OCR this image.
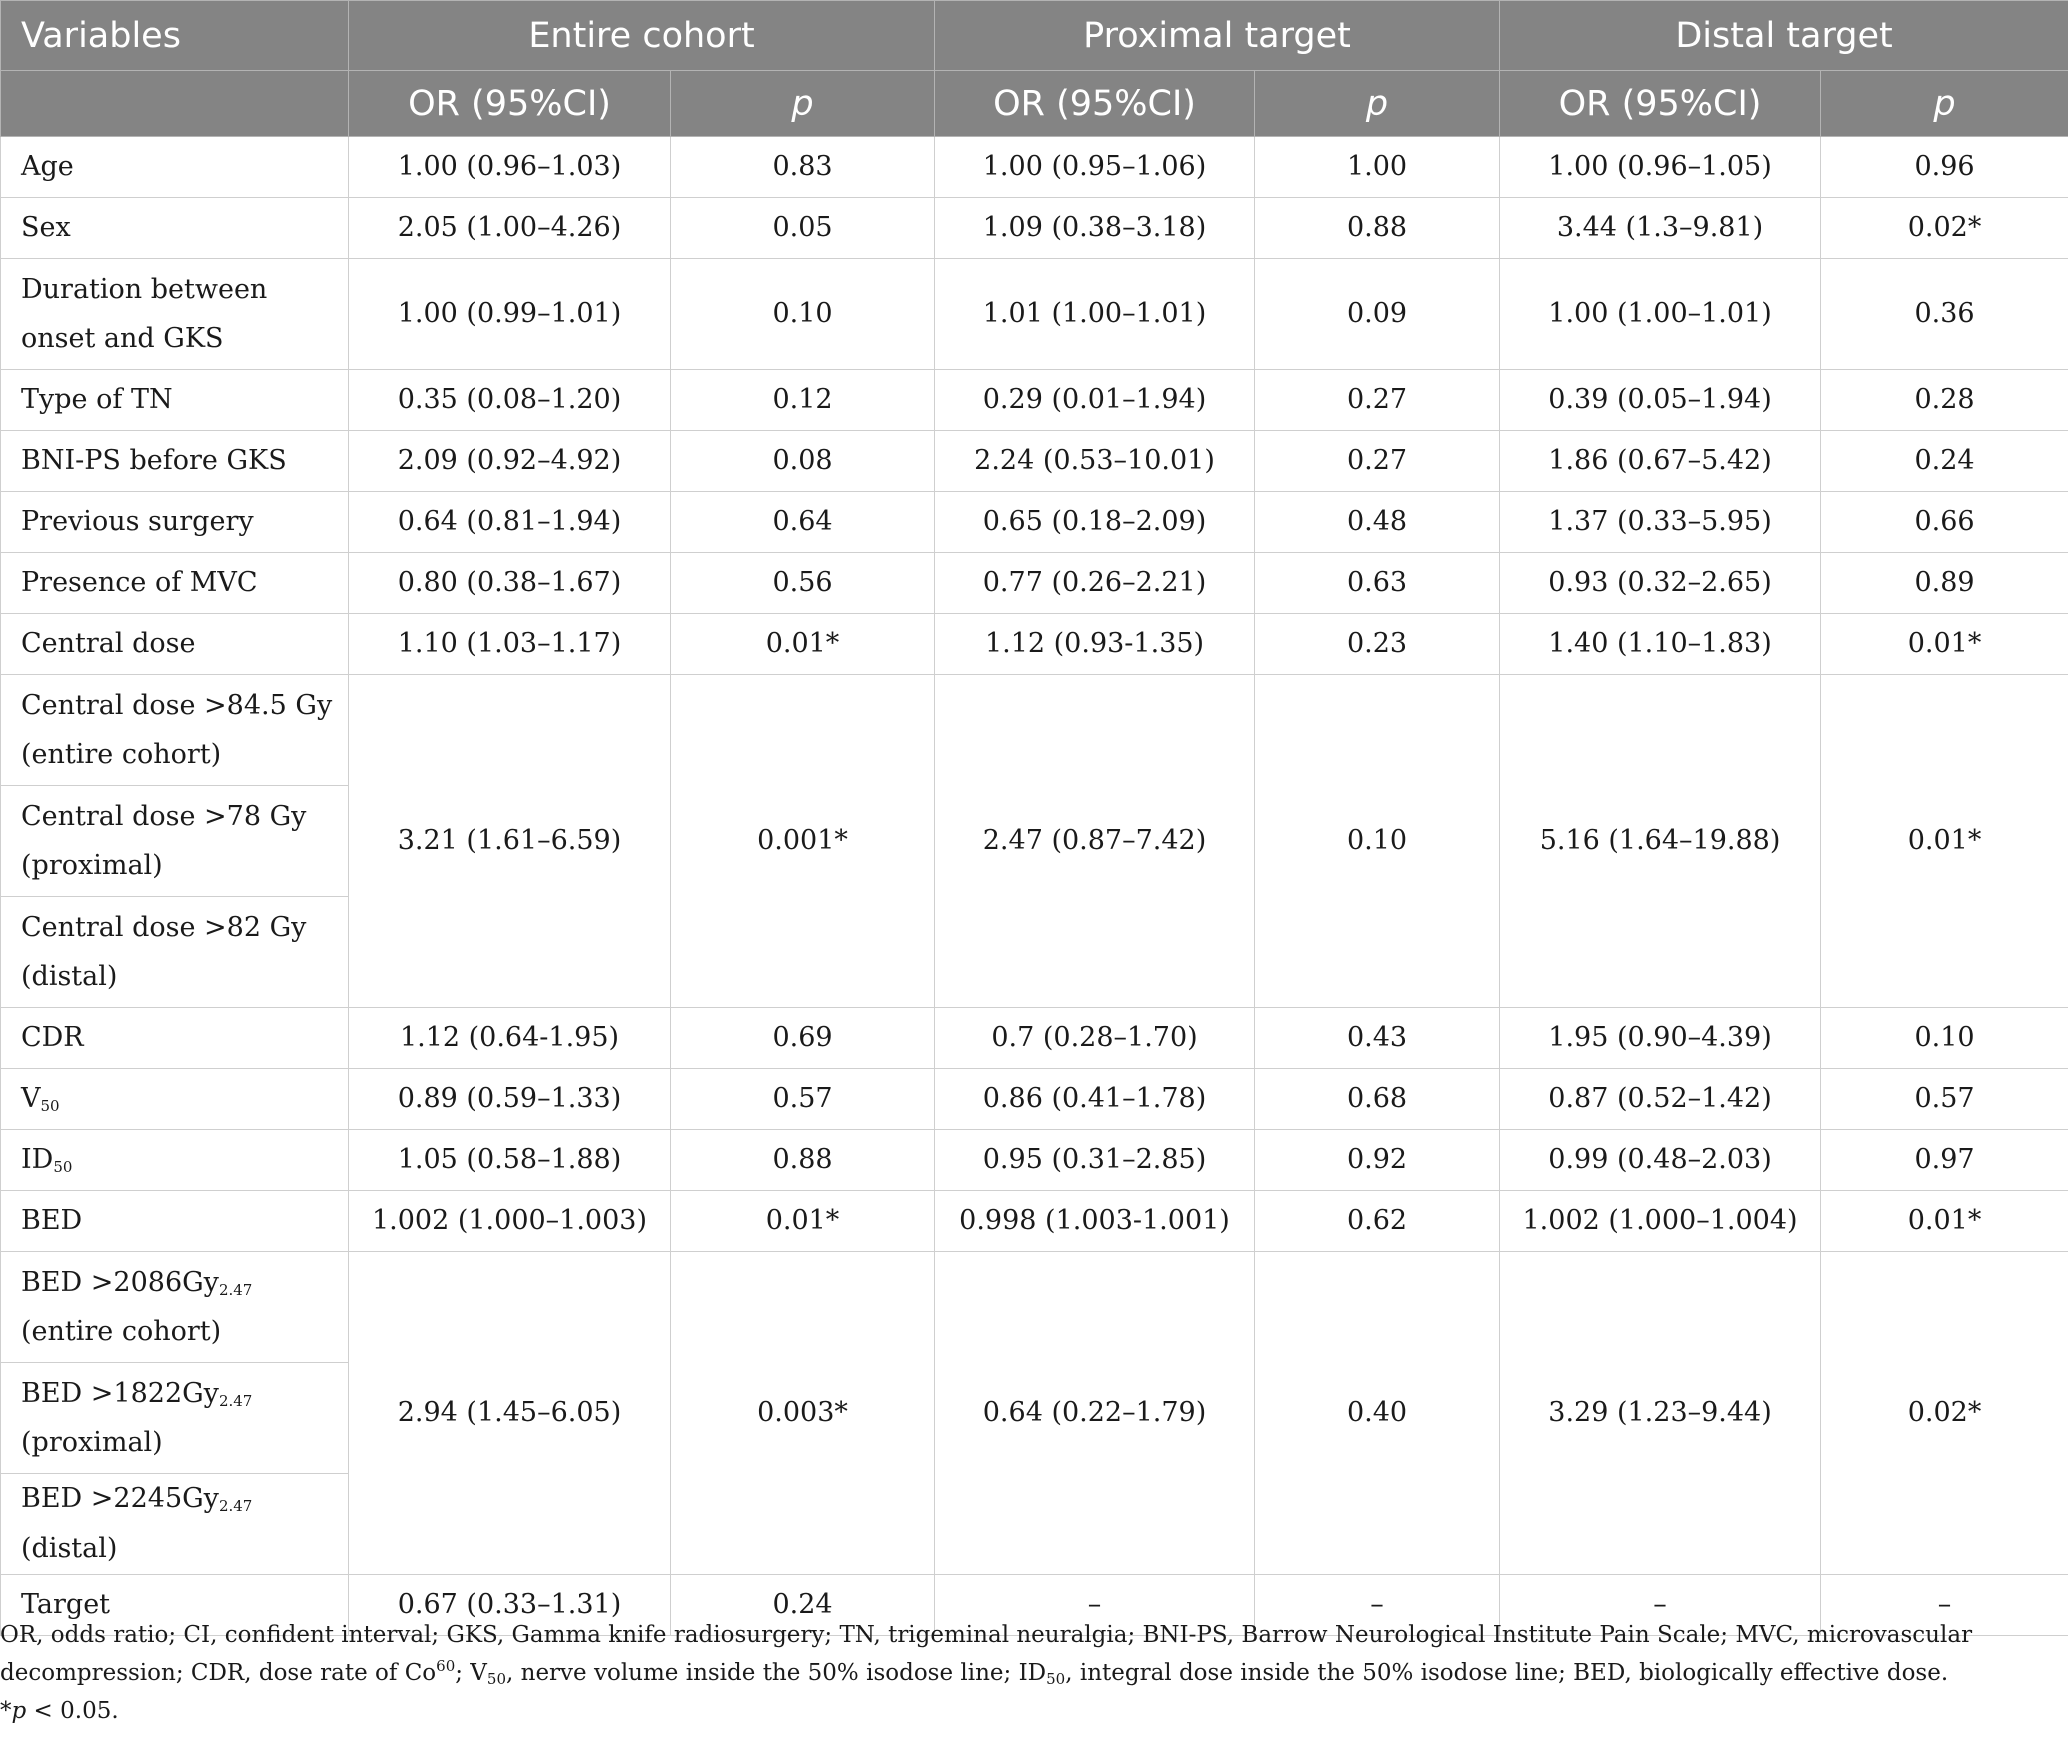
Variables	Entire cohort		Proximal target		Distal target	
	OR (95%CI)	p	OR (95%CI)	p	OR (95%CI)	p
Age	1.00 (0.96–1.03)	0.83	1.00 (0.95–1.06)	1.00	1.00 (0.96–1.05)	0.96
Sex	2.05 (1.00–4.26)	0.05	1.09 (0.38–3.18)	0.88	3.44 (1.3–9.81)	0.02*
Duration between onset and GKS	1.00 (0.99–1.01)	0.10	1.01 (1.00–1.01)	0.09	1.00 (1.00–1.01)	0.36
Type of TN	0.35 (0.08–1.20)	0.12	0.29 (0.01–1.94)	0.27	0.39 (0.05–1.94)	0.28
BNI-PS before GKS	2.09 (0.92–4.92)	0.08	2.24 (0.53–10.01)	0.27	1.86 (0.67–5.42)	0.24
Previous surgery	0.64 (0.81–1.94)	0.64	0.65 (0.18–2.09)	0.48	1.37 (0.33–5.95)	0.66
Presence of MVC	0.80 (0.38–1.67)	0.56	0.77 (0.26–2.21)	0.63	0.93 (0.32–2.65)	0.89
Central dose	1.10 (1.03–1.17)	0.01*	1.12 (0.93-1.35)	0.23	1.40 (1.10–1.83)	0.01*
Central dose >84.5 Gy (entire cohort)	3.21 (1.61–6.59)	0.001*	2.47 (0.87–7.42)	0.10	5.16 (1.64–19.88)	0.01*
Central dose >78 Gy (proximal)						
Central dose >82 Gy (distal)						
CDR	1.12 (0.64-1.95)	0.69	0.7 (0.28–1.70)	0.43	1.95 (0.90–4.39)	0.10
$V_{50}$	0.89 (0.59–1.33)	0.57	0.86 (0.41–1.78)	0.68	0.87 (0.52–1.42)	0.57
$ID_{50}$	1.05 (0.58–1.88)	0.88	0.95 (0.31–2.85)	0.92	0.99 (0.48–2.03)	0.97
BED	1.002 (1.000–1.003)	0.01*	0.998 (1.003-1.001)	0.62	1.002 (1.000–1.004)	0.01*
BED $>2086Gy_{2.47}$ (entire cohort)	2.94 (1.45–6.05)	0.003*	0.64 (0.22–1.79)	0.40	3.29 (1.23–9.44)	0.02*
BED $>1822Gy_{2.47}$ (proximal)						
BED $>2245Gy_{2.47}$ (distal)						
Target	0.67 (0.33–1.31)	0.24	–	–	–	–

OR, odds ratio; CI, confident interval; GKS, Gamma knife radiosurgery; TN, trigeminal neuralgia; BNI-PS, Barrow Neurological Institute Pain Scale; MVC, microvascular decompression; CDR, dose rate of Co$^{60}$; $V_{50}$, nerve volume inside the 50% isodose line; $ID_{50}$, integral dose inside the 50% isodose line; BED, biologically effective dose.

*p < 0.05.
